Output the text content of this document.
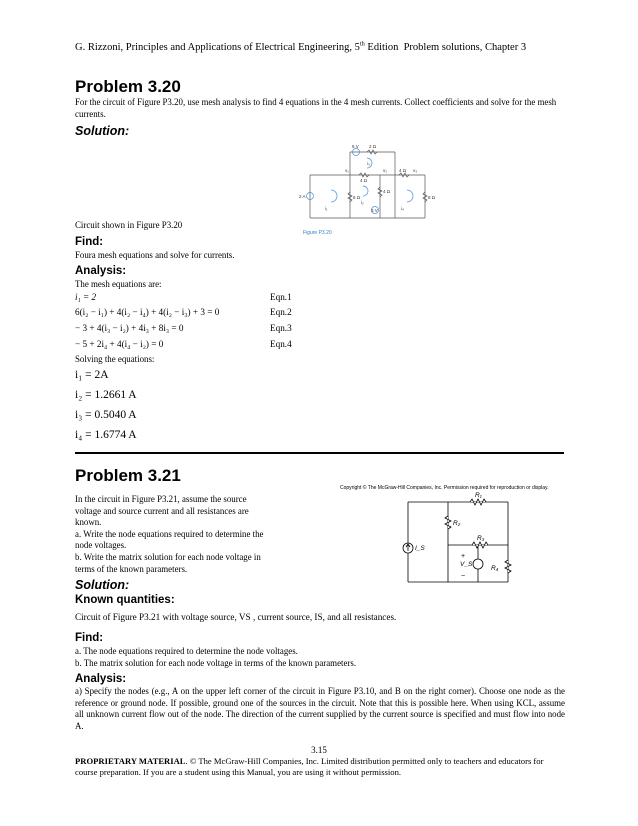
G. Rizzoni, Principles and Applications of Electrical Engineering, 5th Edition  Problem solutions, Chapter 3
Problem 3.20
For the circuit of Figure P3.20, use mesh analysis to find 4 equations in the 4 mesh currents. Collect coefficients and solve for the mesh currents.
Solution:
5 V 2 Ω
4 Ω
4 Ω
4 Ω
6 Ω
3 V
8 Ω
2 A
v₁	v₂	v₃
i₁
i₂
i₃
i₄
Figure P3.20
Circuit shown in Figure P3.20
Find:
Foura mesh equations and solve for currents.
Analysis:
The mesh equations are:
i₁ = 2	Eqn.1
6(i₂ − i₁) + 4(i₂ − i₄) + 4(i₂ − i₃) + 3 = 0	Eqn.2
− 3 + 4(i₃ − i₂) + 4i₃ + 8i₃ = 0	Eqn.3
− 5 + 2i₄ + 4(i₄ − i₂) = 0	Eqn.4
Solving the equations:
i₁ = 2A
i₂ = 1.2661 A
i₃ = 0.5040 A
i₄ = 1.6774 A
Problem 3.21
Copyright © The McGraw-Hill Companies, Inc. Permission required for reproduction or display.
In the circuit in Figure P3.21, assume the source
voltage and source current and all resistances are
known.
a. Write the node equations required to determine the
node voltages.
b. Write the matrix solution for each node voltage in
terms of the known parameters.
R₁
R₂
R₃
R₄
I_S
V_S
+
−
Solution:
Known quantities:
Circuit of Figure P3.21 with voltage source, VS , current source, IS, and all resistances.
Find:
a. The node equations required to determine the node voltages.
b. The matrix solution for each node voltage in terms of the known parameters.
Analysis:
a) Specify the nodes (e.g., A on the upper left corner of the circuit in Figure P3.10, and B on the right corner). Choose one node as the reference or ground node. If possible, ground one of the sources in the circuit. Note that this is possible here. When using KCL, assume all unknown current flow out of the node. The direction of the current supplied by the current source is specified and must flow into node A.
3.15
PROPRIETARY MATERIAL. © The McGraw-Hill Companies, Inc. Limited distribution permitted only to teachers and educators for course preparation. If you are a student using this Manual, you are using it without permission.
